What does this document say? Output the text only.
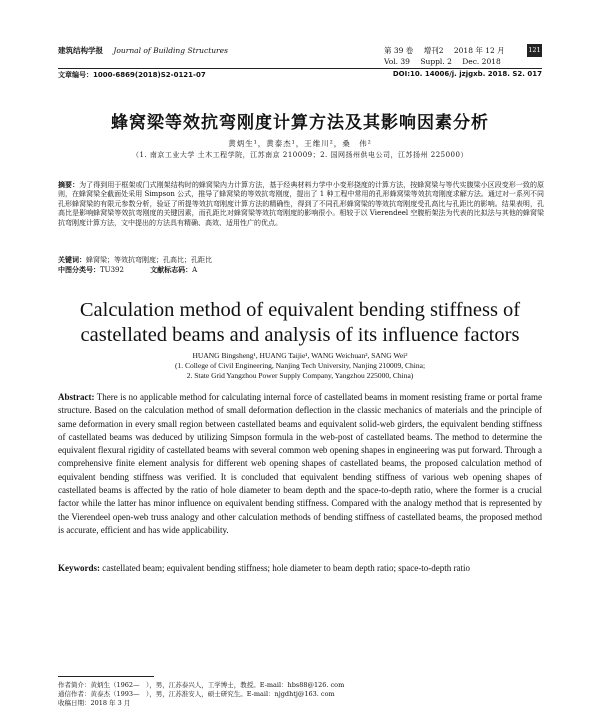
建筑结构学报 Journal of Building Structures	第 39 卷 增刊2 2018 年 12 月
Vol. 39 Suppl. 2 Dec. 2018
121
文章编号：1000-6869(2018)S2-0121-07	DOI:10. 14006/j. jzjgxb. 2018. S2. 017
蜂窝梁等效抗弯刚度计算方法及其影响因素分析
黄炳生¹，黄泰杰¹，王维川²，桑　伟²
（1. 南京工业大学 土木工程学院，江苏南京 210009；2. 国网扬州供电公司，江苏扬州 225000）
摘要：为了得到用于框架或门式刚架结构时的蜂窝梁内力计算方法，基于经典材料力学中小变形挠度的计算方法，按蜂窝梁与等代实腹梁小区段变形一致的原则，在蜂窝梁全截面处采用 Simpson 公式，推导了蜂窝梁的等效抗弯刚度，提出了 1 种工程中常用的孔形蜂窝梁等效抗弯刚度求解方法。通过对一系列不同孔形蜂窝梁的有限元参数分析，验证了所提等效抗弯刚度计算方法的精确性，得到了不同孔形蜂窝梁的等效抗弯刚度受孔高比与孔距比的影响。结果表明，孔高比是影响蜂窝梁等效抗弯刚度的关键因素，而孔距比对蜂窝梁等效抗弯刚度的影响很小。相较于以 Vierendeel 空腹桁架法为代表的比拟法与其他的蜂窝梁抗弯刚度计算方法，文中提出的方法具有精确、高效、适用性广的优点。
关键词：蜂窝梁；等效抗弯刚度；孔高比；孔距比
中图分类号：TU392	文献标志码：A
Calculation method of equivalent bending stiffness of
castellated beams and analysis of its influence factors
HUANG Bingsheng¹, HUANG Taijie¹, WANG Weichuan², SANG Wei²
(1. College of Civil Engineering, Nanjing Tech University, Nanjing 210009, China;
2. State Grid Yangzhou Power Supply Company, Yangzhou 225000, China)
Abstract: There is no applicable method for calculating internal force of castellated beams in moment resisting frame or portal frame structure. Based on the calculation method of small deformation deflection in the classic mechanics of materials and the principle of same deformation in every small region between castellated beams and equivalent solid-web girders, the equivalent bending stiffness of castellated beams was deduced by utilizing Simpson formula in the web-post of castellated beams. The method to determine the equivalent flexural rigidity of castellated beams with several common web opening shapes in engineering was put forward. Through a comprehensive finite element analysis for different web opening shapes of castellated beams, the proposed calculation method of equivalent bending stiffness was verified. It is concluded that equivalent bending stiffness of various web opening shapes of castellated beams is affected by the ratio of hole diameter to beam depth and the space-to-depth ratio, where the former is a crucial factor while the latter has minor influence on equivalent bending stiffness. Compared with the analogy method that is represented by the Vierendeel open-web truss analogy and other calculation methods of bending stiffness of castellated beams, the proposed method is accurate, efficient and has wide applicability.
Keywords: castellated beam; equivalent bending stiffness; hole diameter to beam depth ratio; space-to-depth ratio
作者简介：黄炳生（1962—　），男，江苏泰兴人，工学博士，教授。E-mail：hbs88@126. com
通信作者：黄泰杰（1993—　），男，江苏淮安人，硕士研究生。E-mail：njgdhtj@163. com
收稿日期：2018 年 3 月
